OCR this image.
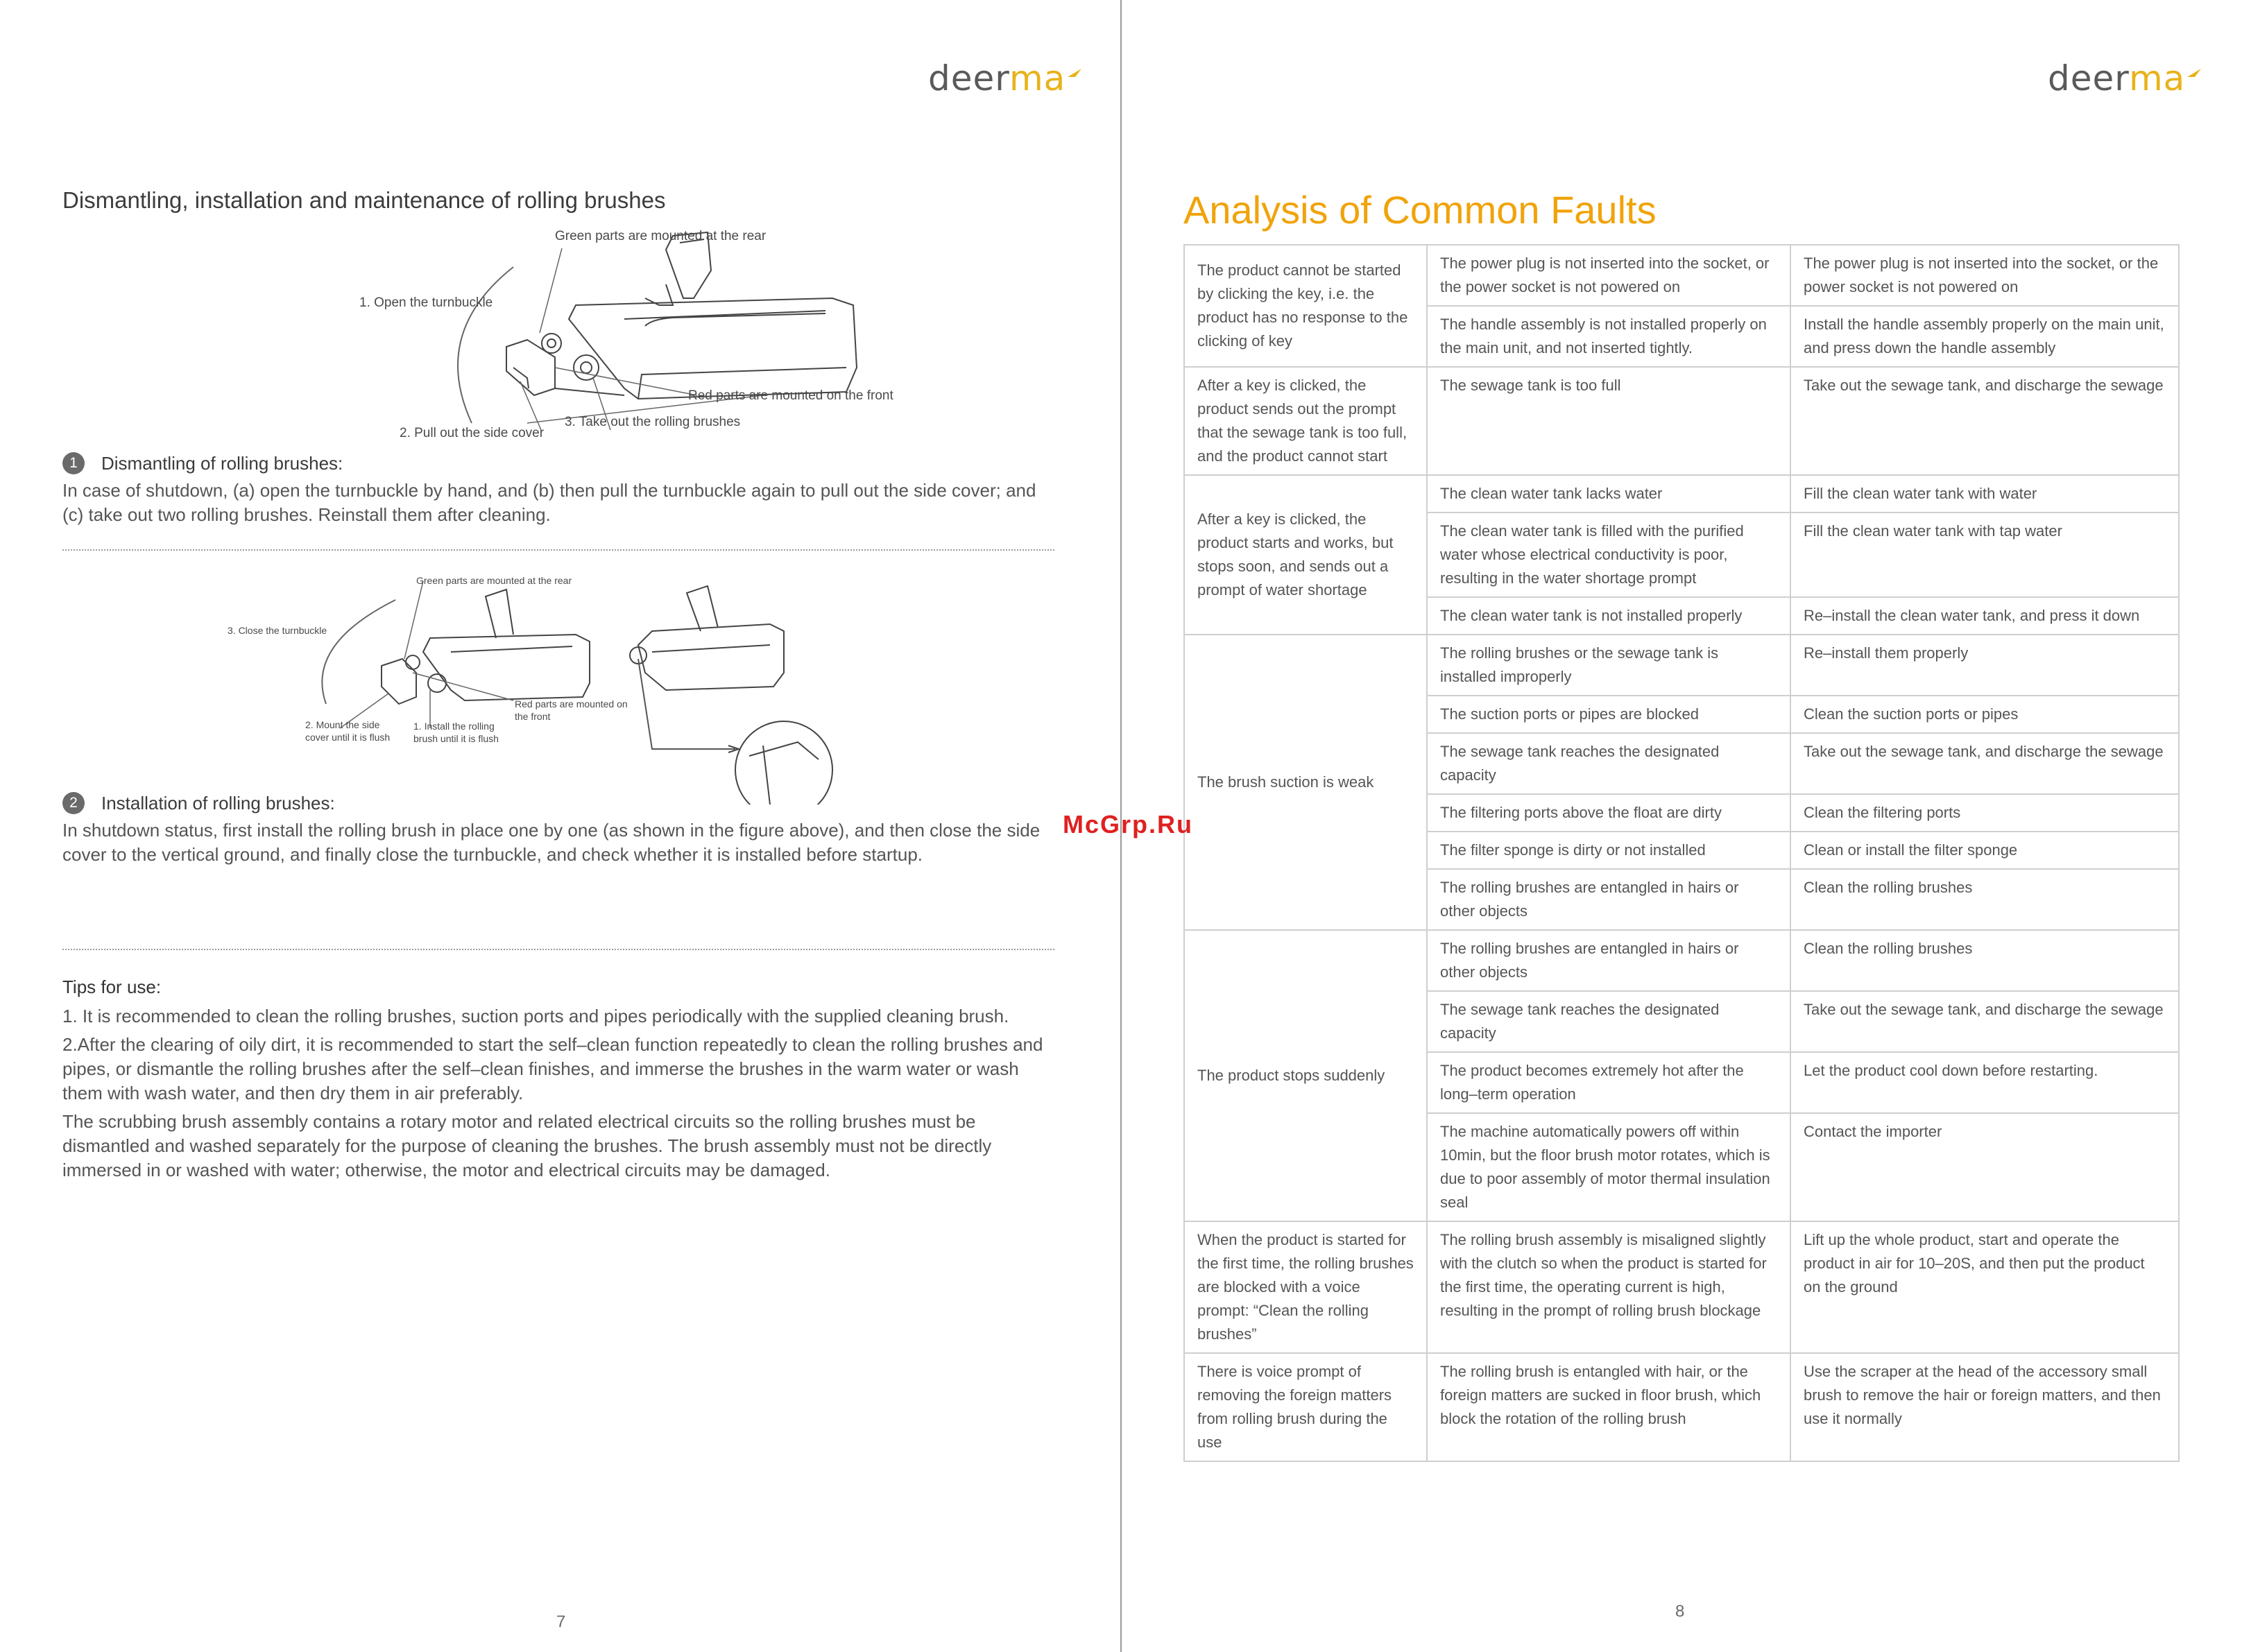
deerma
Dismantling, installation and maintenance of rolling brushes
Green parts are mounted at the rear
1. Open the turnbuckle
Red parts are mounted on the front
2. Pull out the side cover
3. Take out the rolling brushes
1	Dismantling of rolling brushes:
In case of shutdown, (a) open the turnbuckle by hand, and (b) then pull the turnbuckle again to pull out the side cover; and (c) take out two rolling brushes. Reinstall them after cleaning.
Green parts are mounted at the rear
3. Close the turnbuckle
Red parts are mounted on the front
2. Mount the side cover until it is flush
1. Install the rolling brush until it is flush
2	Installation of rolling brushes:
In shutdown status, first install the rolling brush in place one by one (as shown in the figure above), and then close the side cover to the vertical ground, and finally close the turnbuckle, and check whether it is installed before startup.
Tips for use:

1. It is recommended to clean the rolling brushes, suction ports and pipes periodically with the supplied cleaning brush.

2.After the clearing of oily dirt, it is recommended to start the self–clean function repeatedly to clean the rolling brushes and pipes, or dismantle the rolling brushes after the self–clean finishes, and immerse the brushes in the warm water or wash them with wash water, and then dry them in air preferably.

The scrubbing brush assembly contains a rotary motor and related electrical circuits so the rolling brushes must be dismantled and washed separately for the purpose of cleaning the brushes. The brush assembly must not be directly immersed in or washed with water; otherwise, the motor and electrical circuits may be damaged.

7
deerma
Analysis of Common Faults
The product cannot be started by clicking the key, i.e. the product has no response to the clicking of key	The power plug is not inserted into the socket, or the power socket is not powered on	The power plug is not inserted into the socket, or the power socket is not powered on
	The handle assembly is not installed properly on the main unit, and not inserted tightly.	Install the handle assembly properly on the main unit, and press down the handle assembly
After a key is clicked, the product sends out the prompt that the sewage tank is too full, and the product cannot start	The sewage tank is too full	Take out the sewage tank, and discharge the sewage
After a key is clicked, the product starts and works, but stops soon, and sends out a prompt of water shortage	The clean water tank lacks water	Fill the clean water tank with water
	The clean water tank is filled with the purified water whose electrical conductivity is poor, resulting in the water shortage prompt	Fill the clean water tank with tap water
	The clean water tank is not installed properly	Re–install the clean water tank, and press it down
The brush suction is weak	The rolling brushes or the sewage tank is installed improperly	Re–install them properly
	The suction ports or pipes are blocked	Clean the suction ports or pipes
	The sewage tank reaches the designated capacity	Take out the sewage tank, and discharge the sewage
	The filtering ports above the float are dirty	Clean the filtering ports
	The filter sponge is dirty or not installed	Clean or install the filter sponge
	The rolling brushes are entangled in hairs or other objects	Clean the rolling brushes
The product stops suddenly	The rolling brushes are entangled in hairs or other objects	Clean the rolling brushes
	The sewage tank reaches the designated capacity	Take out the sewage tank, and discharge the sewage
	The product becomes extremely hot after the long–term operation	Let the product cool down before restarting.
	The machine automatically powers off within 10min, but the floor brush motor rotates, which is due to poor assembly of motor thermal insulation seal	Contact the importer
When the product is started for the first time, the rolling brushes are blocked with a voice prompt: “Clean the rolling brushes”	The rolling brush assembly is misaligned slightly with the clutch so when the product is started for the first time, the operating current is high, resulting in the prompt of rolling brush blockage	Lift up the whole product, start and operate the product in air for 10–20S, and then put the product on the ground
There is voice prompt of removing the foreign matters from rolling brush during the use	The rolling brush is entangled with hair, or the foreign matters are sucked in floor brush, which block the rotation of the rolling brush	Use the scraper at the head of the accessory small brush to remove the hair or foreign matters, and then use it normally
8
McGrp.Ru
